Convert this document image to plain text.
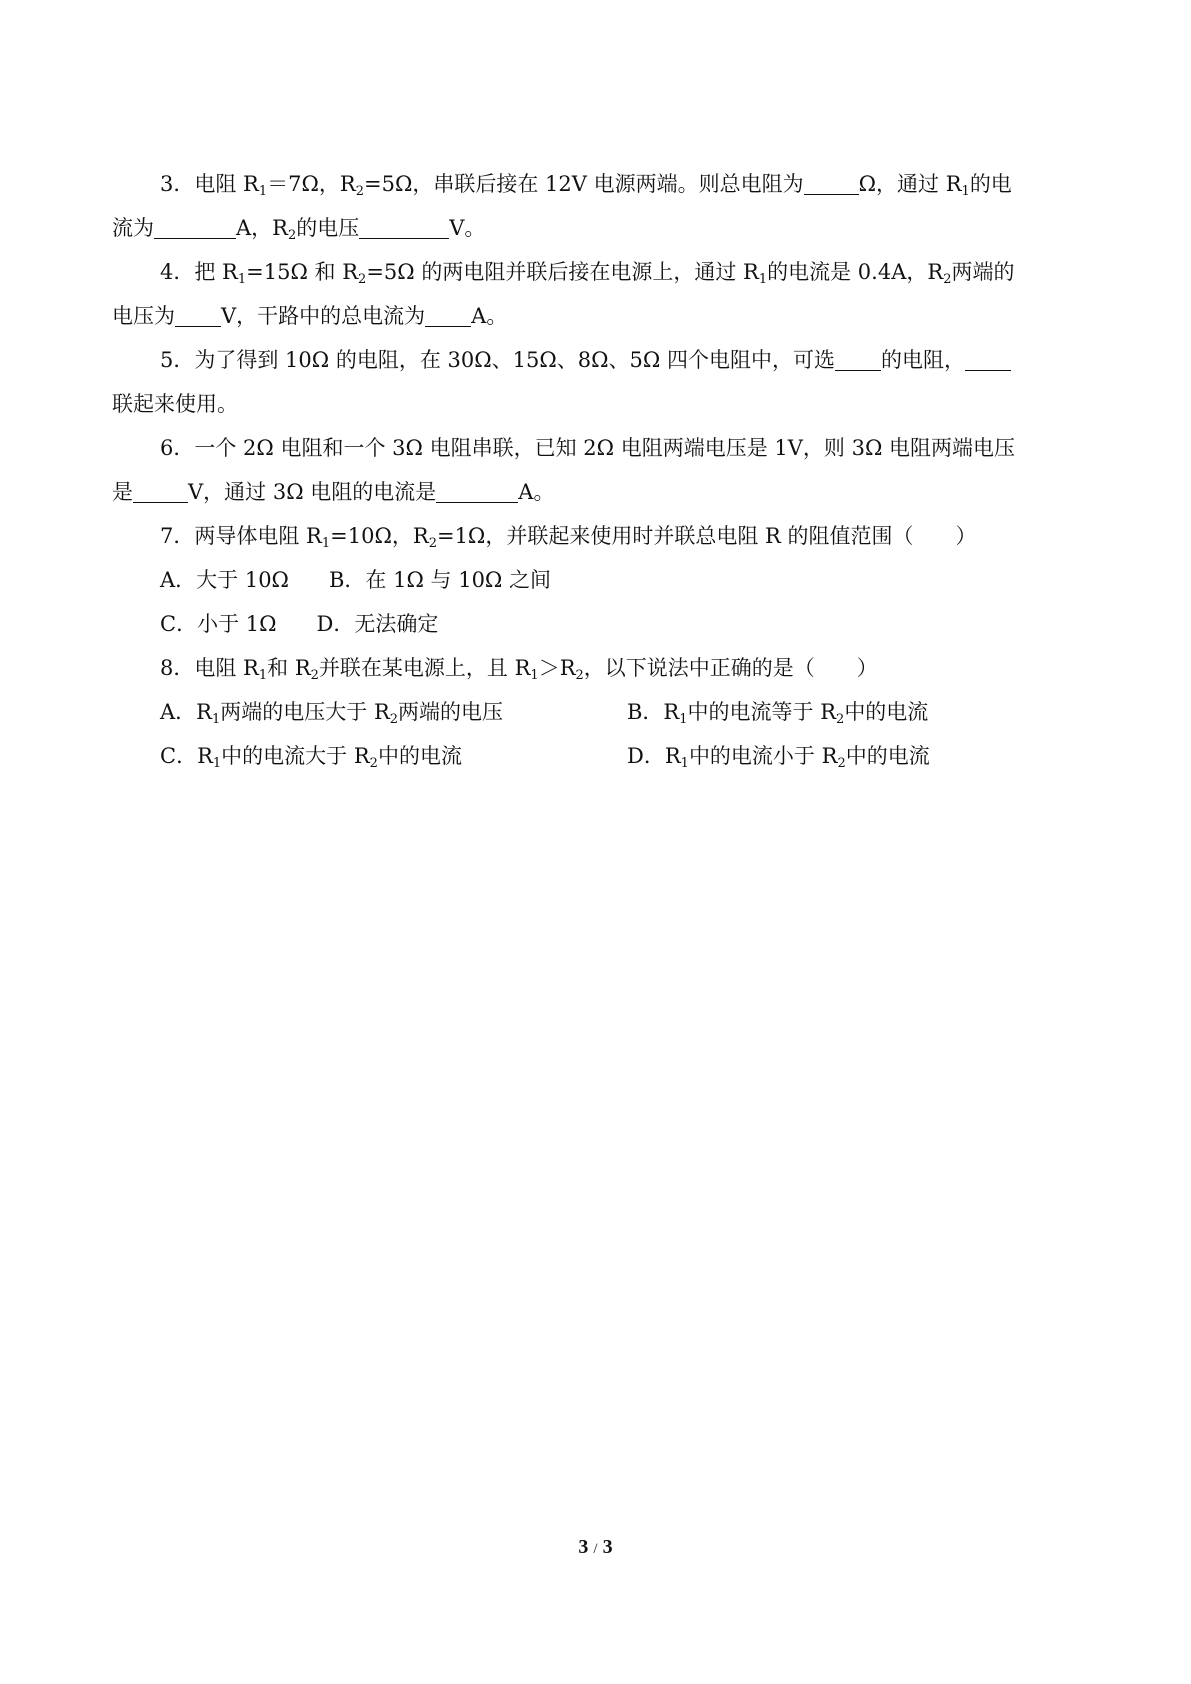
3．电阻 $R_1=7\Omega$，$R_2=5\Omega$，串联后接在 12V 电源两端。则总电阻为	Ω，通过 $R_1$的电
流为	A，$R_2$的电压	V。
4．把 $R_1=15\Omega$ 和 $R_2=5\Omega$ 的两电阻并联后接在电源上，通过 $R_1$的电流是 0.4A，$R_2$两端的
电压为 V，干路中的总电流为 A。
5．为了得到 10Ω 的电阻，在 30Ω、15Ω、8Ω、5Ω 四个电阻中，可选 的电阻，
联起来使用。
6．一个 2Ω 电阻和一个 3Ω 电阻串联，已知 2Ω 电阻两端电压是 1V，则 3Ω 电阻两端电压
是	V，通过 3Ω 电阻的电流是	A。
7．两导体电阻 $R_1=10\Omega$，$R_2=1\Omega$，并联起来使用时并联总电阻 R 的阻值范围（　　）
A．大于 10Ω B．在 1Ω 与 10Ω 之间
C．小于 1Ω D．无法确定
8．电阻 $R_1$和 $R_2$并联在某电源上，且 $R_1>R_2$，以下说法中正确的是（　　）
A．$R_1$两端的电压大于 $R_2$两端的电压	B．$R_1$中的电流等于 $R_2$中的电流
C．$R_1$中的电流大于 $R_2$中的电流	D．$R_1$中的电流小于 $R_2$中的电流
3 / 3
